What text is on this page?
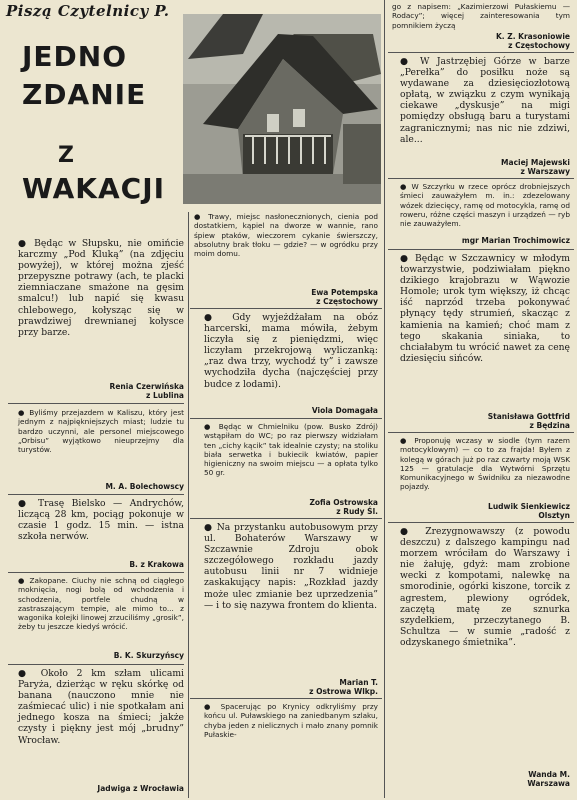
Piszą Czytelnicy P.
JEDNO
ZDANIE
Z
WAKACJI

● Będąc w Słupsku, nie omińcie karczmy „Pod Kluką” (na zdjęciu powyżej), w której można zjeść przepyszne potrawy (ach, te placki ziemniaczane smażone na gęsim smalcu!) lub napić się kwasu chlebowego, kołysząc się w prawdziwej drewnianej kołysce przy barze.

Renia Czerwińska
z Lublina

● Byliśmy przejazdem w Kaliszu, który jest jednym z najpiękniejszych miast; ludzie tu bardzo uczynni, ale personel miejscowego „Orbisu” wyjątkowo nieuprzejmy dla turystów.

M. A. Bolechowscy

● Trasę Bielsko — Andrychów, liczącą 28 km, pociąg pokonuje w czasie 1 godz. 15 min. — istna szkoła nerwów.

B. z Krakowa

● Zakopane. Ciuchy nie schną od ciągłego moknięcia, nogi bolą od wchodzenia i schodzenia, portfele chudną w zastraszającym tempie, ale mimo to... z wagonika kolejki linowej zrzuciliśmy „grosik”, żeby tu jeszcze kiedyś wrócić.

B. K. Skurzyńscy

● Około 2 km szłam ulicami Paryża, dzierżąc w ręku skórkę od banana (nauczono mnie nie zaśmiecać ulic) i nie spotkałam ani jednego kosza na śmieci; jakże czysty i piękny jest mój „brudny” Wrocław.

Jadwiga z Wrocławia

● Trawy, miejsc nasłonecznionych, cienia pod dostatkiem, kąpiel na dworze w wannie, rano śpiew ptaków, wieczorem cykanie świerszczy, absolutny brak tłoku — gdzie? — w ogródku przy moim domu.

Ewa Potempska
z Częstochowy

● Gdy wyjeżdżałam na obóz harcerski, mama mówiła, żebym liczyła się z pieniędzmi, więc liczyłam przekrojową wyliczanką: „raz dwa trzy, wychodź ty” i zawsze wychodziła dycha (najczęściej przy budce z lodami).

Viola Domagała

● Będąc w Chmielniku (pow. Busko Zdrój) wstąpiłam do WC; po raz pierwszy widziałam ten „cichy kącik” tak idealnie czysty; na stoliku biała serwetka i bukiecik kwiatów, papier higieniczny na swoim miejscu — a opłata tylko 50 gr.

Zofia Ostrowska
z Rudy Śl.

● Na przystanku autobusowym przy ul. Bohaterów Warszawy w Szczawnie Zdroju obok szczegółowego rozkładu jazdy autobusu linii nr 7 widnieje zaskakujący napis: „Rozkład jazdy może ulec zmianie bez uprzedzenia” — i to się nazywa frontem do klienta.

Marian T.
z Ostrowa Wlkp.

● Spacerując po Krynicy odkryliśmy przy końcu ul. Puławskiego na zaniedbanym szlaku, chyba jeden z nielicznych i mało znany pomnik Pułaskie-

go z napisem: „Kazimierzowi Pułaskiemu — Rodacy”; więcej zainteresowania tym pomnikiem życzą

K. Z. Krasoniowie
z Częstochowy

● W Jastrzębiej Górze w barze „Perełka” do posiłku noże są wydawane za dziesięciozłotową opłatą, w związku z czym wynikają ciekawe „dyskusje” na migi pomiędzy obsługą baru a turystami zagranicznymi; nas nic nie zdziwi, ale...

Maciej Majewski
z Warszawy

● W Szczyrku w rzece oprócz drobniejszych śmieci zauważyłem m. in.: zdezelowany wózek dziecięcy, ramę od motocykla, ramę od roweru, różne części maszyn i urządzeń — ryb nie zauważyłem.

mgr Marian Trochimowicz

● Będąc w Szczawnicy w młodym towarzystwie, podziwiałam piękno dzikiego krajobrazu w Wąwozie Homole; urok tym większy, iż chcąc iść naprzód trzeba pokonywać płynący tędy strumień, skacząc z kamienia na kamień; choć mam z tego skakania siniaka, to chciałabym tu wrócić nawet za cenę dziesięciu sińców.

Stanisława Gottfrid
z Będzina

● Proponuję wczasy w siodle (tym razem motocyklowym) — co to za frajda! Byłem z kolegą w górach już po raz czwarty moją WSK 125 — gratulacje dla Wytwórni Sprzętu Komunikacyjnego w Świdniku za niezawodne pojazdy.

Ludwik Sienkiewicz
Olsztyn

● Zrezygnowawszy (z powodu deszczu) z dalszego kampingu nad morzem wróciłam do Warszawy i nie żałuję, gdyż: mam zrobione wecki z kompotami, nalewkę na smorodinie, ogórki kiszone, torcik z agrestem, plewiony ogródek, zaczętą matę ze sznurka szydełkiem, przeczytanego B. Schultza — w sumie „radość z odzyskanego śmietnika”.

Wanda M.
Warszawa
